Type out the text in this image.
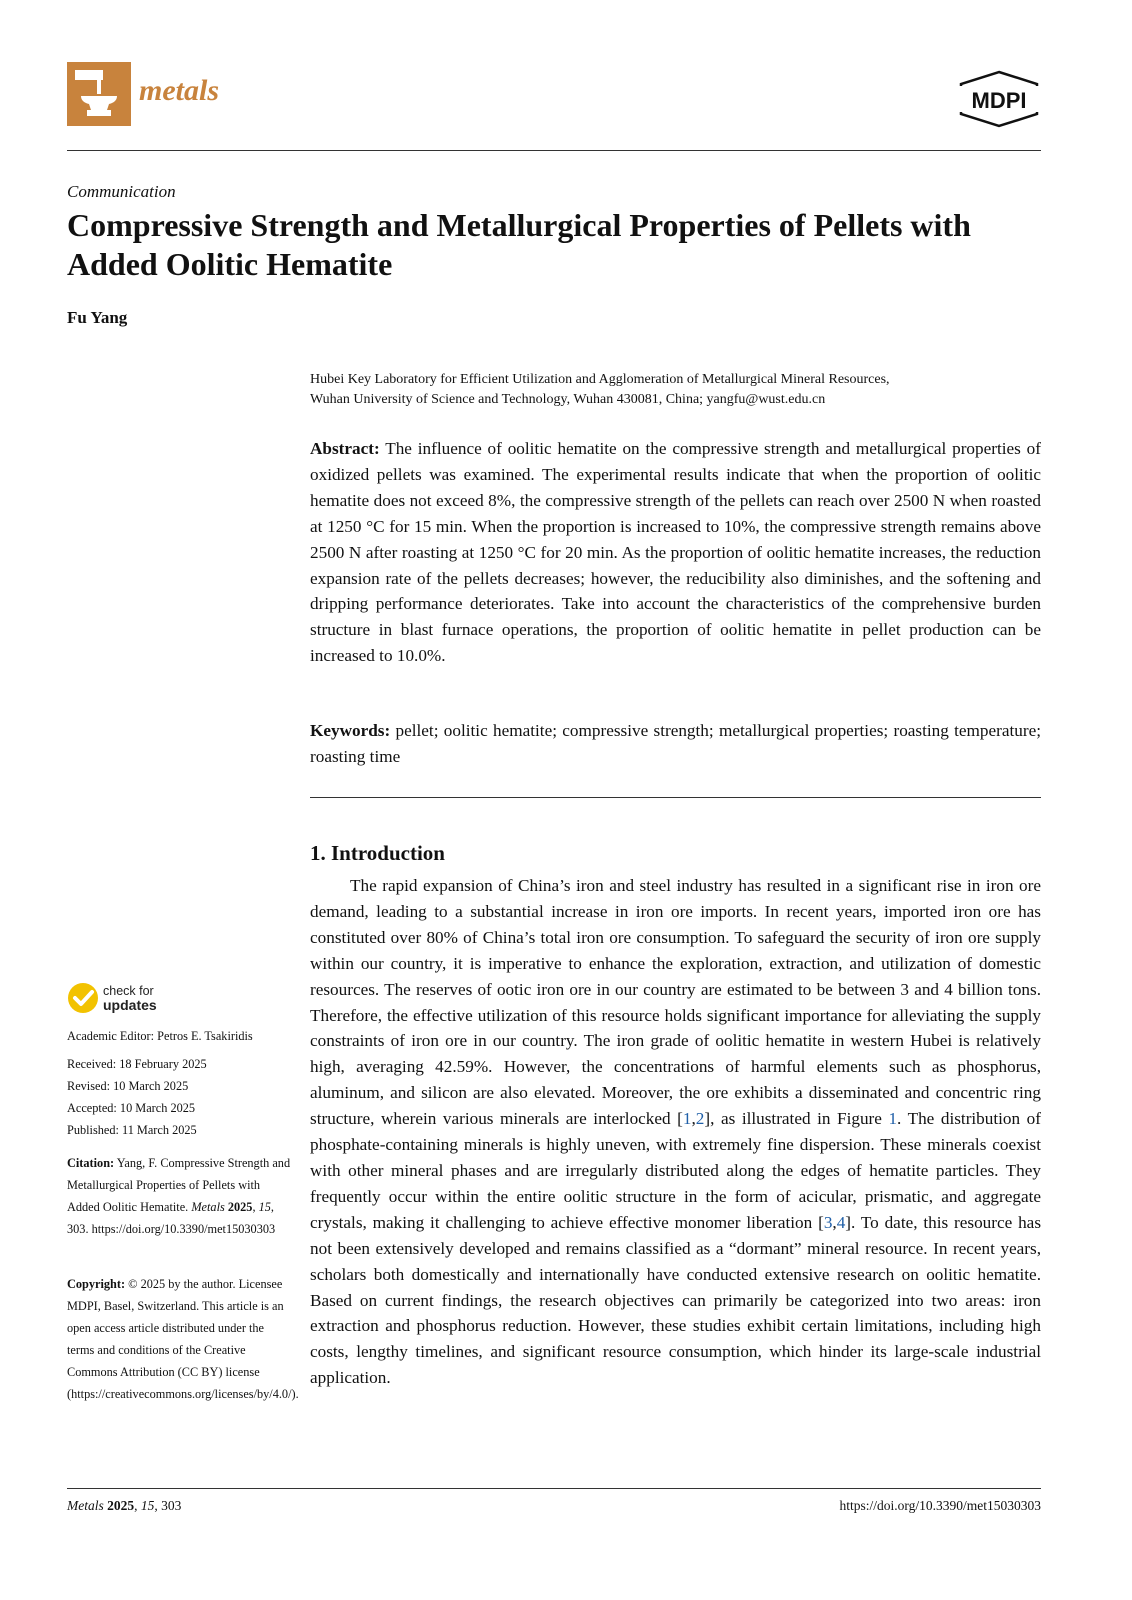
metals	MDPI
Communication
Compressive Strength and Metallurgical Properties of Pellets with Added Oolitic Hematite
Fu Yang
Hubei Key Laboratory for Efficient Utilization and Agglomeration of Metallurgical Mineral Resources,
Wuhan University of Science and Technology, Wuhan 430081, China; yangfu@wust.edu.cn

Abstract: The influence of oolitic hematite on the compressive strength and metallurgical properties of oxidized pellets was examined. The experimental results indicate that when the proportion of oolitic hematite does not exceed 8%, the compressive strength of the pellets can reach over 2500 N when roasted at 1250 °C for 15 min. When the proportion is increased to 10%, the compressive strength remains above 2500 N after roasting at 1250 °C for 20 min. As the proportion of oolitic hematite increases, the reduction expansion rate of the pellets decreases; however, the reducibility also diminishes, and the softening and dripping performance deteriorates. Take into account the characteristics of the comprehensive burden structure in blast furnace operations, the proportion of oolitic hematite in pellet production can be increased to 10.0%.

Keywords: pellet; oolitic hematite; compressive strength; metallurgical properties; roasting temperature; roasting time

1. Introduction

The rapid expansion of China’s iron and steel industry has resulted in a significant rise in iron ore demand, leading to a substantial increase in iron ore imports. In recent years, imported iron ore has constituted over 80% of China’s total iron ore consumption. To safeguard the security of iron ore supply within our country, it is imperative to enhance the exploration, extraction, and utilization of domestic resources. The reserves of ootic iron ore in our country are estimated to be between 3 and 4 billion tons. Therefore, the effective utilization of this resource holds significant importance for alleviating the supply constraints of iron ore in our country. The iron grade of oolitic hematite in western Hubei is relatively high, averaging 42.59%. However, the concentrations of harmful elements such as phosphorus, aluminum, and silicon are also elevated. Moreover, the ore exhibits a disseminated and concentric ring structure, wherein various minerals are interlocked [1,2], as illustrated in Figure 1. The distribution of phosphate-containing minerals is highly uneven, with extremely fine dispersion. These minerals coexist with other mineral phases and are irregularly distributed along the edges of hematite particles. They frequently occur within the entire oolitic structure in the form of acicular, prismatic, and aggregate crystals, making it challenging to achieve effective monomer liberation [3,4]. To date, this resource has not been extensively developed and remains classified as a “dormant” mineral resource. In recent years, scholars both domestically and internationally have conducted extensive research on oolitic hematite. Based on current findings, the research objectives can primarily be categorized into two areas: iron extraction and phosphorus reduction. However, these studies exhibit certain limitations, including high costs, lengthy timelines, and significant resource consumption, which hinder its large-scale industrial application.

check for
updates
Academic Editor: Petros E. Tsakiridis
Received: 18 February 2025
Revised: 10 March 2025
Accepted: 10 March 2025
Published: 11 March 2025

Citation: Yang, F. Compressive Strength and Metallurgical Properties of Pellets with Added Oolitic Hematite. Metals 2025, 15, 303. https://doi.org/10.3390/met15030303

Copyright: © 2025 by the author. Licensee MDPI, Basel, Switzerland. This article is an open access article distributed under the terms and conditions of the Creative Commons Attribution (CC BY) license (https://creativecommons.org/licenses/by/4.0/).

Metals 2025, 15, 303	https://doi.org/10.3390/met15030303
